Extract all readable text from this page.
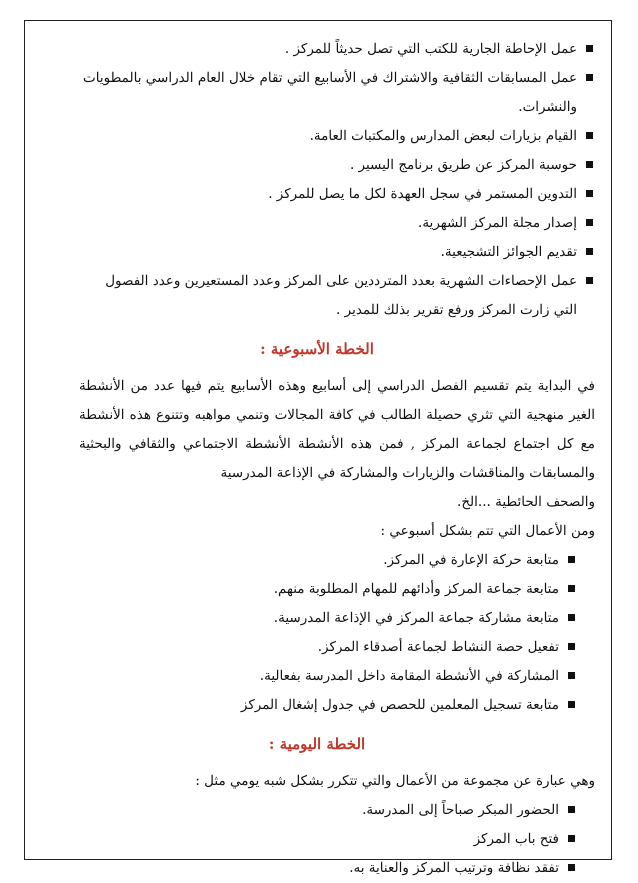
عمل الإحاطة الجارية للكتب التي تصل حديثاً للمركز .
عمل المسابقات الثقافية والاشتراك في الأسابيع التي تقام خلال العام الدراسي بالمطويات والنشرات.
القيام بزيارات لبعض المدارس والمكتبات العامة.
حوسبة المركز عن طريق برنامج اليسير .
التدوين المستمر في سجل العهدة لكل ما يصل للمركز .
إصدار مجلة المركز الشهرية.
تقديم الجوائز التشجيعية.
عمل الإحصاءات الشهرية بعدد المترددين على المركز وعدد المستعيرين وعدد الفصول التي زارت المركز ورفع تقرير بذلك للمدير .
الخطة الأسبوعية :

في البداية يتم تقسيم الفصل الدراسي إلى أسابيع وهذه الأسابيع يتم فيها عدد من الأنشطة الغير منهجية التي تثري حصيلة الطالب في كافة المجالات وتنمي مواهبه وتتنوع هذه الأنشطة مع كل اجتماع لجماعة المركز , فمن هذه الأنشطة الأنشطة الاجتماعي والثقافي والبحثية والمسابقات والمناقشات والزيارات والمشاركة في الإذاعة المدرسية

والصحف الحائطية ...الخ.

ومن الأعمال التي تتم بشكل أسبوعي :

متابعة حركة الإعارة في المركز.
متابعة جماعة المركز وأدائهم للمهام المطلوبة منهم.
متابعة مشاركة جماعة المركز في الإذاعة المدرسية.
تفعيل حصة النشاط لجماعة أصدقاء المركز.
المشاركة في الأنشطة المقامة داخل المدرسة بفعالية.
متابعة تسجيل المعلمين للحصص في جدول إشغال المركز
الخطة اليومية :

وهي عبارة عن مجموعة من الأعمال والتي تتكرر بشكل شبه يومي مثل :

الحضور المبكر صباحاً إلى المدرسة.
فتح باب المركز
تفقد نظافة وترتيب المركز والعناية به.
